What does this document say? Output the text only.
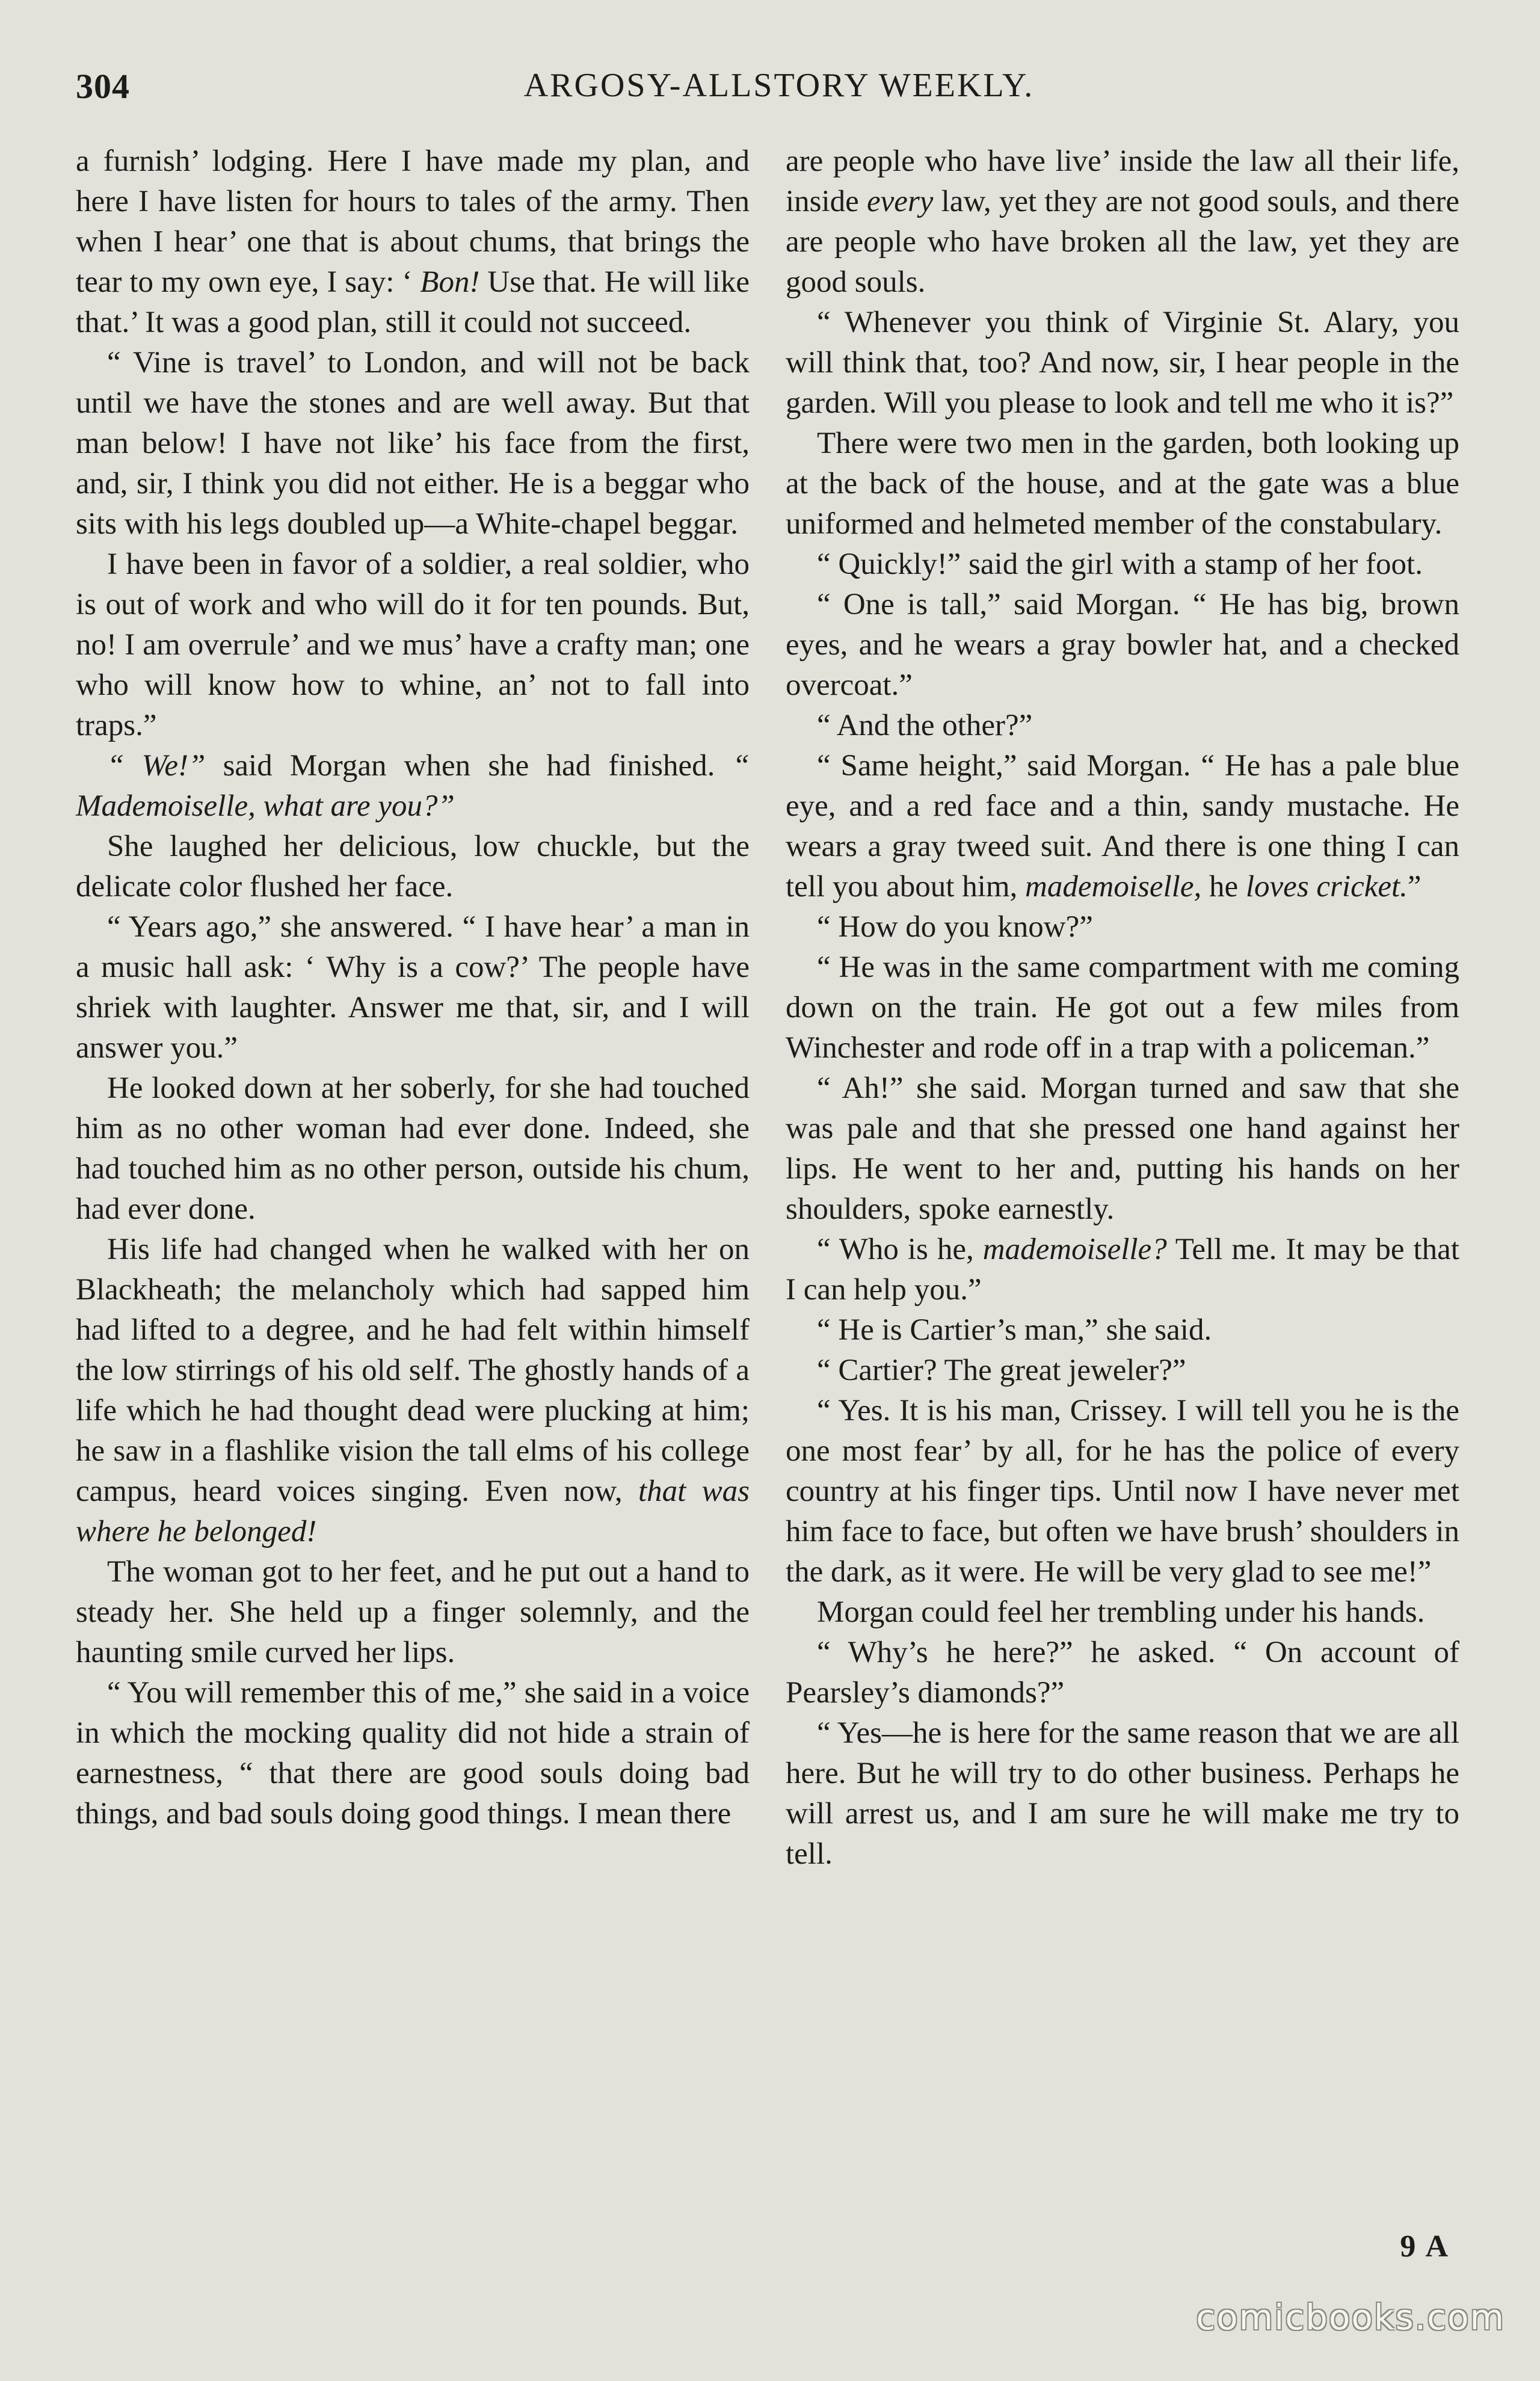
304	ARGOSY-ALLSTORY WEEKLY.

a furnish’ lodging. Here I have made my plan, and here I have listen for hours to tales of the army. Then when I hear’ one that is about chums, that brings the tear to my own eye, I say: ‘ Bon! Use that. He will like that.’ It was a good plan, still it could not succeed.

“ Vine is travel’ to London, and will not be back until we have the stones and are well away. But that man below! I have not like’ his face from the first, and, sir, I think you did not either. He is a beggar who sits with his legs doubled up—a White-chapel beggar.

I have been in favor of a soldier, a real soldier, who is out of work and who will do it for ten pounds. But, no! I am overrule’ and we mus’ have a crafty man; one who will know how to whine, an’ not to fall into traps.”

“ We!” said Morgan when she had finished. “ Mademoiselle, what are you?”

She laughed her delicious, low chuckle, but the delicate color flushed her face.

“ Years ago,” she answered. “ I have hear’ a man in a music hall ask: ‘ Why is a cow?’ The people have shriek with laughter. Answer me that, sir, and I will answer you.”

He looked down at her soberly, for she had touched him as no other woman had ever done. Indeed, she had touched him as no other person, outside his chum, had ever done.

His life had changed when he walked with her on Blackheath; the melancholy which had sapped him had lifted to a degree, and he had felt within himself the low stirrings of his old self. The ghostly hands of a life which he had thought dead were plucking at him; he saw in a flashlike vision the tall elms of his college campus, heard voices singing. Even now, that was where he belonged!

The woman got to her feet, and he put out a hand to steady her. She held up a finger solemnly, and the haunting smile curved her lips.

“ You will remember this of me,” she said in a voice in which the mocking quality did not hide a strain of earnestness, “ that there are good souls doing bad things, and bad souls doing good things. I mean there

are people who have live’ inside the law all their life, inside every law, yet they are not good souls, and there are people who have broken all the law, yet they are good souls.

“ Whenever you think of Virginie St. Alary, you will think that, too? And now, sir, I hear people in the garden. Will you please to look and tell me who it is?”

There were two men in the garden, both looking up at the back of the house, and at the gate was a blue uniformed and helmeted member of the constabulary.

“ Quickly!” said the girl with a stamp of her foot.

“ One is tall,” said Morgan. “ He has big, brown eyes, and he wears a gray bowler hat, and a checked overcoat.”

“ And the other?”

“ Same height,” said Morgan. “ He has a pale blue eye, and a red face and a thin, sandy mustache. He wears a gray tweed suit. And there is one thing I can tell you about him, mademoiselle, he loves cricket.”

“ How do you know?”

“ He was in the same compartment with me coming down on the train. He got out a few miles from Winchester and rode off in a trap with a policeman.”

“ Ah!” she said. Morgan turned and saw that she was pale and that she pressed one hand against her lips. He went to her and, putting his hands on her shoulders, spoke earnestly.

“ Who is he, mademoiselle? Tell me. It may be that I can help you.”

“ He is Cartier’s man,” she said.

“ Cartier? The great jeweler?”

“ Yes. It is his man, Crissey. I will tell you he is the one most fear’ by all, for he has the police of every country at his finger tips. Until now I have never met him face to face, but often we have brush’ shoulders in the dark, as it were. He will be very glad to see me!”

Morgan could feel her trembling under his hands.

“ Why’s he here?” he asked. “ On account of Pearsley’s diamonds?”

“ Yes—he is here for the same reason that we are all here. But he will try to do other business. Perhaps he will arrest us, and I am sure he will make me try to tell.

9 A
comicbooks.com
